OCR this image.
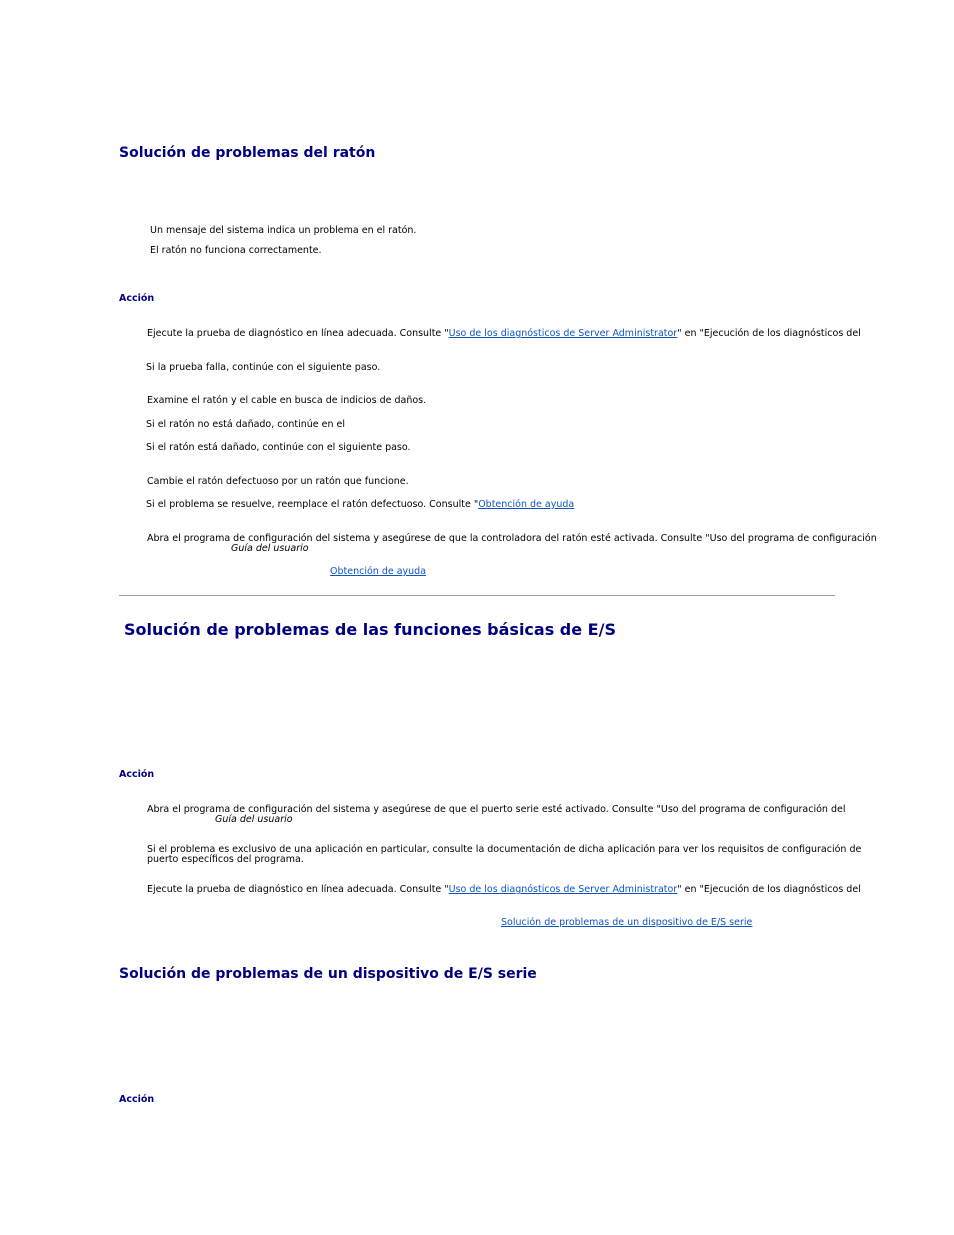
Solución de problemas del ratón
Un mensaje del sistema indica un problema en el ratón.
El ratón no funciona correctamente.
Acción
Ejecute la prueba de diagnóstico en línea adecuada. Consulte "Uso de los diagnósticos de Server Administrator" en "Ejecución de los diagnósticos del
Si la prueba falla, continúe con el siguiente paso.
Examine el ratón y el cable en busca de indicios de daños.
Si el ratón no está dañado, continúe en el
Si el ratón está dañado, continúe con el siguiente paso.
Cambie el ratón defectuoso por un ratón que funcione.
Si el problema se resuelve, reemplace el ratón defectuoso. Consulte "Obtención de ayuda
Abra el programa de configuración del sistema y asegúrese de que la controladora del ratón esté activada. Consulte "Uso del programa de configuración
Guía del usuario
Obtención de ayuda
Solución de problemas de las funciones básicas de E/S
Acción
Abra el programa de configuración del sistema y asegúrese de que el puerto serie esté activado. Consulte "Uso del programa de configuración del
Guía del usuario
Si el problema es exclusivo de una aplicación en particular, consulte la documentación de dicha aplicación para ver los requisitos de configuración de
puerto específicos del programa.
Ejecute la prueba de diagnóstico en línea adecuada. Consulte "Uso de los diagnósticos de Server Administrator" en "Ejecución de los diagnósticos del
Solución de problemas de un dispositivo de E/S serie
Solución de problemas de un dispositivo de E/S serie
Acción
